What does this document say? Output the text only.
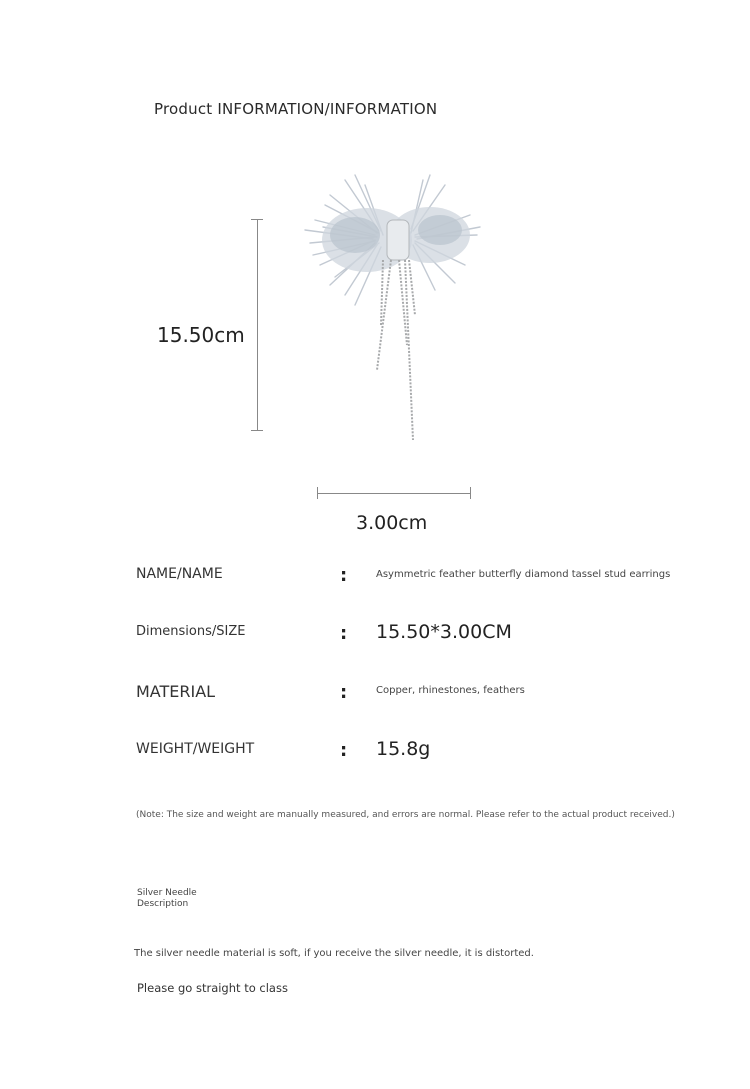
Product INFORMATION/INFORMATION
15.50cm
3.00cm
NAME/NAME	:	Asymmetric feather butterfly diamond tassel stud earrings
Dimensions/SIZE	: 15.50*3.00CM
MATERIAL	:	Copper, rhinestones, feathers
WEIGHT/WEIGHT	: 15.8g
(Note: The size and weight are manually measured, and errors are normal. Please refer to the actual product received.)
Silver Needle Description
The silver needle material is soft, if you receive the silver needle, it is distorted.
Please go straight to class
